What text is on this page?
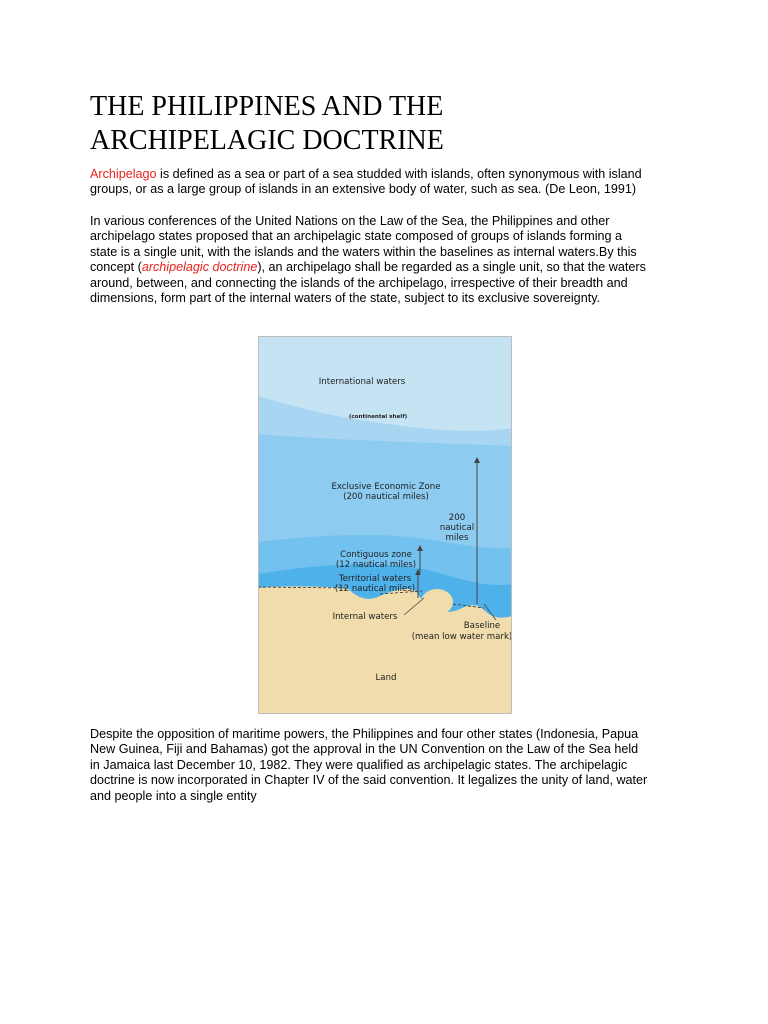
THE PHILIPPINES AND THE
ARCHIPELAGIC DOCTRINE

Archipelago is defined as a sea or part of a sea studded with islands, often synonymous with island
groups, or as a large group of islands in an extensive body of water, such as sea. (De Leon, 1991)

In various conferences of the United Nations on the Law of the Sea, the Philippines and other
archipelago states proposed that an archipelagic state composed of groups of islands forming a
state is a single unit, with the islands and the waters within the baselines as internal waters.By this
concept (archipelagic doctrine), an archipelago shall be regarded as a single unit, so that the waters
around, between, and connecting the islands of the archipelago, irrespective of their breadth and
dimensions, form part of the internal waters of the state, subject to its exclusive sovereignty.

International waters
(continental shelf)
Exclusive Economic Zone
(200 nautical miles)
200
nautical
miles
Contiguous zone
(12 nautical miles)
Territorial waters
(12 nautical miles)
Internal waters
Baseline
(mean low water mark)
Land

Despite the opposition of maritime powers, the Philippines and four other states (Indonesia, Papua
New Guinea, Fiji and Bahamas) got the approval in the UN Convention on the Law of the Sea held
in Jamaica last December 10, 1982. They were qualified as archipelagic states. The archipelagic
doctrine is now incorporated in Chapter IV of the said convention. It legalizes the unity of land, water
and people into a single entity
